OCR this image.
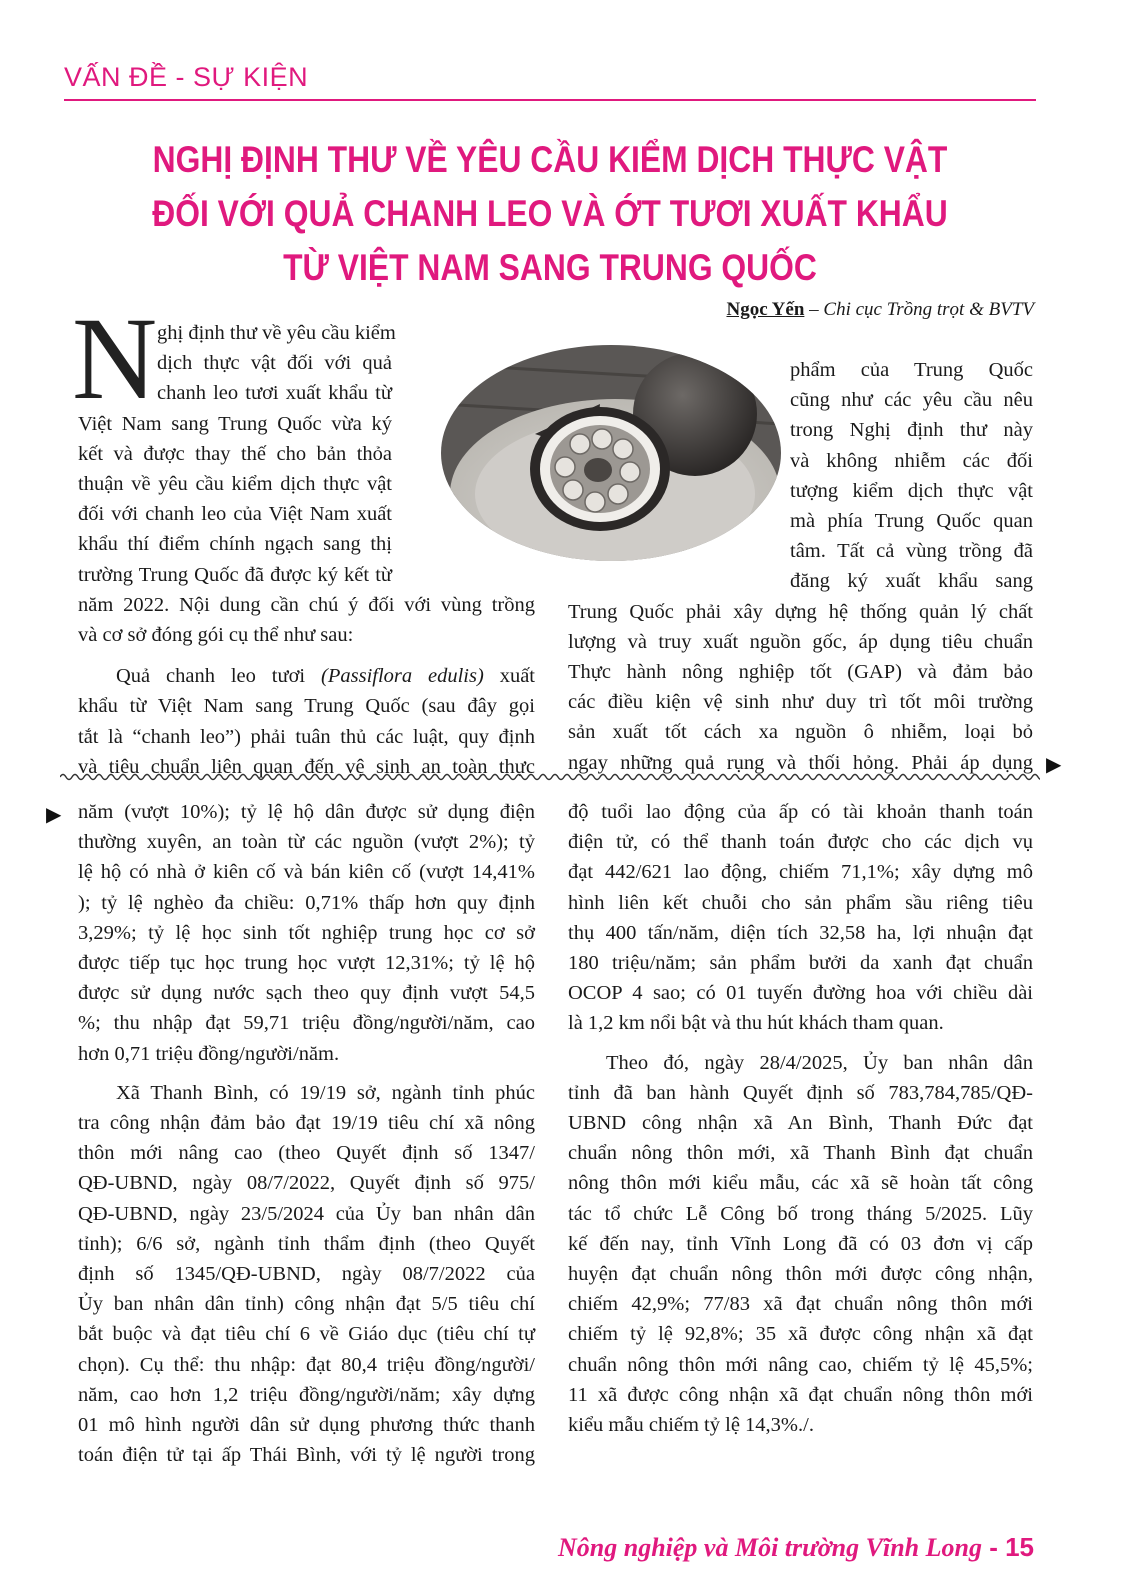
VẤN ĐỀ - SỰ KIỆN
NGHỊ ĐỊNH THƯ VỀ YÊU CẦU KIỂM DỊCH THỰC VẬT
ĐỐI VỚI QUẢ CHANH LEO VÀ ỚT TƯƠI XUẤT KHẨU
TỪ VIỆT NAM SANG TRUNG QUỐC
Ngọc Yến – Chi cục Trồng trọt & BVTV
N ghị định thư về yêu cầu kiểm
dịch thực vật đối với quả
chanh leo tươi xuất khẩu từ
Việt Nam sang Trung Quốc vừa ký
kết và được thay thế cho bản thỏa
thuận về yêu cầu kiểm dịch thực vật
đối với chanh leo của Việt Nam xuất
khẩu thí điểm chính ngạch sang thị
trường Trung Quốc đã được ký kết từ
năm 2022. Nội dung cần chú ý đối với vùng trồng
và cơ sở đóng gói cụ thể như sau:
Quả chanh leo tươi (Passiflora edulis) xuất
khẩu từ Việt Nam sang Trung Quốc (sau đây gọi
tắt là “chanh leo”) phải tuân thủ các luật, quy định
và tiêu chuẩn liên quan đến vệ sinh an toàn thực
phẩm của Trung Quốc
cũng như các yêu cầu nêu
trong Nghị định thư này
và không nhiễm các đối
tượng kiểm dịch thực vật
mà phía Trung Quốc quan
tâm. Tất cả vùng trồng đã
đăng ký xuất khẩu sang
Trung Quốc phải xây dựng hệ thống quản lý chất
lượng và truy xuất nguồn gốc, áp dụng tiêu chuẩn
Thực hành nông nghiệp tốt (GAP) và đảm bảo
các điều kiện vệ sinh như duy trì tốt môi trường
sản xuất tốt cách xa nguồn ô nhiễm, loại bỏ
ngay những quả rụng và thối hỏng. Phải áp dụng ▶
▶ năm (vượt 10%); tỷ lệ hộ dân được sử dụng điện
thường xuyên, an toàn từ các nguồn (vượt 2%); tỷ
lệ hộ có nhà ở kiên cố và bán kiên cố (vượt 14,41%
); tỷ lệ nghèo đa chiều: 0,71% thấp hơn quy định
3,29%; tỷ lệ học sinh tốt nghiệp trung học cơ sở
được tiếp tục học trung học vượt 12,31%; tỷ lệ hộ
được sử dụng nước sạch theo quy định vượt 54,5
%; thu nhập đạt 59,71 triệu đồng/người/năm, cao
hơn 0,71 triệu đồng/người/năm.
Xã Thanh Bình, có 19/19 sở, ngành tỉnh phúc
tra công nhận đảm bảo đạt 19/19 tiêu chí xã nông
thôn mới nâng cao (theo Quyết định số 1347/
QĐ-UBND, ngày 08/7/2022, Quyết định số 975/
QĐ-UBND, ngày 23/5/2024 của Ủy ban nhân dân
tỉnh); 6/6 sở, ngành tỉnh thẩm định (theo Quyết
định số 1345/QĐ-UBND, ngày 08/7/2022 của
Ủy ban nhân dân tỉnh) công nhận đạt 5/5 tiêu chí
bắt buộc và đạt tiêu chí 6 về Giáo dục (tiêu chí tự
chọn). Cụ thể: thu nhập: đạt 80,4 triệu đồng/người/
năm, cao hơn 1,2 triệu đồng/người/năm; xây dựng
01 mô hình người dân sử dụng phương thức thanh
toán điện tử tại ấp Thái Bình, với tỷ lệ người trong
độ tuổi lao động của ấp có tài khoản thanh toán
điện tử, có thể thanh toán được cho các dịch vụ
đạt 442/621 lao động, chiếm 71,1%; xây dựng mô
hình liên kết chuỗi cho sản phẩm sầu riêng tiêu
thụ 400 tấn/năm, diện tích 32,58 ha, lợi nhuận đạt
180 triệu/năm; sản phẩm bưởi da xanh đạt chuẩn
OCOP 4 sao; có 01 tuyến đường hoa với chiều dài
là 1,2 km nổi bật và thu hút khách tham quan.
Theo đó, ngày 28/4/2025, Ủy ban nhân dân
tỉnh đã ban hành Quyết định số 783,784,785/QĐ-
UBND công nhận xã An Bình, Thanh Đức đạt
chuẩn nông thôn mới, xã Thanh Bình đạt chuẩn
nông thôn mới kiểu mẫu, các xã sẽ hoàn tất công
tác tổ chức Lễ Công bố trong tháng 5/2025. Lũy
kế đến nay, tỉnh Vĩnh Long đã có 03 đơn vị cấp
huyện đạt chuẩn nông thôn mới được công nhận,
chiếm 42,9%; 77/83 xã đạt chuẩn nông thôn mới
chiếm tỷ lệ 92,8%; 35 xã được công nhận xã đạt
chuẩn nông thôn mới nâng cao, chiếm tỷ lệ 45,5%;
11 xã được công nhận xã đạt chuẩn nông thôn mới
kiểu mẫu chiếm tỷ lệ 14,3%./.
Nông nghiệp và Môi trường Vĩnh Long - 15
